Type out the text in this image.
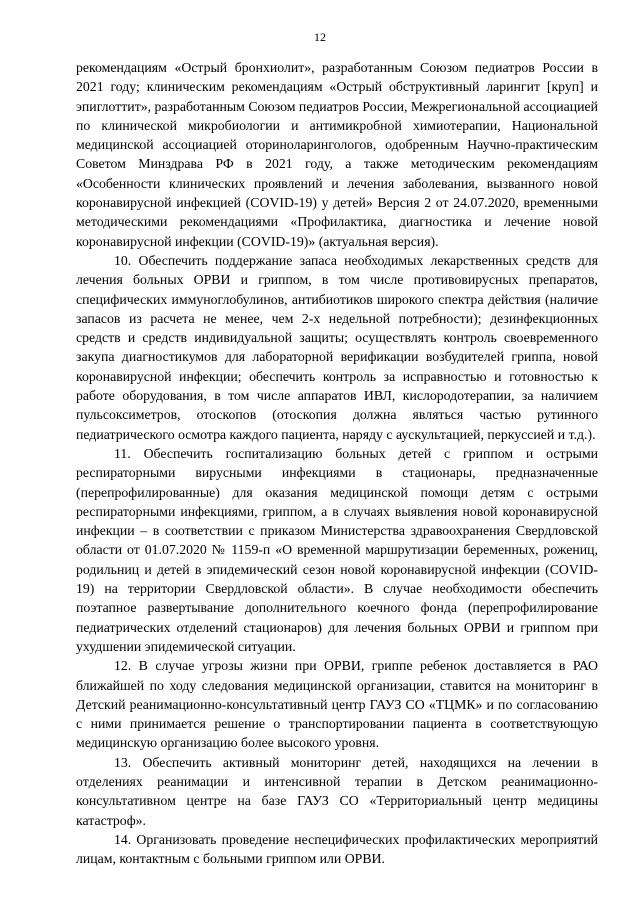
12

рекомендациям «Острый бронхиолит», разработанным Союзом педиатров России в 2021 году; клиническим рекомендациям «Острый обструктивный ларингит [круп] и эпиглоттит», разработанным Союзом педиатров России, Межрегиональной ассоциацией по клинической микробиологии и антимикробной химиотерапии, Национальной медицинской ассоциацией оториноларингологов, одобренным Научно-практическим Советом Минздрава РФ в 2021 году, а также методическим рекомендациям «Особенности клинических проявлений и лечения заболевания, вызванного новой коронавирусной инфекцией (COVID-19) у детей» Версия 2 от 24.07.2020, временными методическими рекомендациями «Профилактика, диагностика и лечение новой коронавирусной инфекции (COVID-19)» (актуальная версия).

10. Обеспечить поддержание запаса необходимых лекарственных средств для лечения больных ОРВИ и гриппом, в том числе противовирусных препаратов, специфических иммуноглобулинов, антибиотиков широкого спектра действия (наличие запасов из расчета не менее, чем 2-х недельной потребности); дезинфекционных средств и средств индивидуальной защиты; осуществлять контроль своевременного закупа диагностикумов для лабораторной верификации возбудителей гриппа, новой коронавирусной инфекции; обеспечить контроль за исправностью и готовностью к работе оборудования, в том числе аппаратов ИВЛ, кислородотерапии, за наличием пульсоксиметров, отоскопов (отоскопия должна являться частью рутинного педиатрического осмотра каждого пациента, наряду с аускультацией, перкуссией и т.д.).

11. Обеспечить госпитализацию больных детей с гриппом и острыми респираторными вирусными инфекциями в стационары, предназначенные (перепрофилированные) для оказания медицинской помощи детям с острыми респираторными инфекциями, гриппом, а в случаях выявления новой коронавирусной инфекции – в соответствии с приказом Министерства здравоохранения Свердловской области от 01.07.2020 № 1159-п «О временной маршрутизации беременных, рожениц, родильниц и детей в эпидемический сезон новой коронавирусной инфекции (COVID-19) на территории Свердловской области». В случае необходимости обеспечить поэтапное развертывание дополнительного коечного фонда (перепрофилирование педиатрических отделений стационаров) для лечения больных ОРВИ и гриппом при ухудшении эпидемической ситуации.

12. В случае угрозы жизни при ОРВИ, гриппе ребенок доставляется в РАО ближайшей по ходу следования медицинской организации, ставится на мониторинг в Детский реанимационно-консультативный центр ГАУЗ СО «ТЦМК» и по согласованию с ними принимается решение о транспортировании пациента в соответствующую медицинскую организацию более высокого уровня.

13. Обеспечить активный мониторинг детей, находящихся на лечении в отделениях реанимации и интенсивной терапии в Детском реанимационно-консультативном центре на базе ГАУЗ СО «Территориальный центр медицины катастроф».

14. Организовать проведение неспецифических профилактических мероприятий лицам, контактным с больными гриппом или ОРВИ.
